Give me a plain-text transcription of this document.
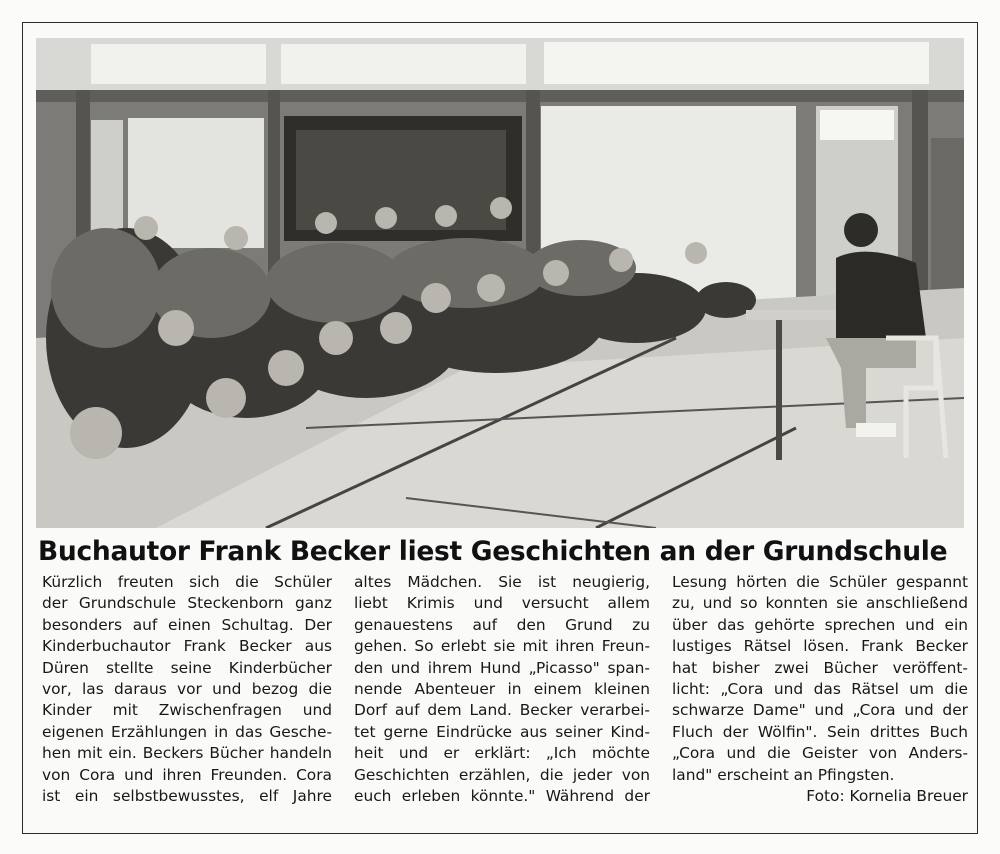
Buchautor Frank Becker liest Geschichten an der Grundschule
Kürzlich freuten sich die Schüler
der Grundschule Steckenborn ganz
besonders auf einen Schultag. Der
Kinderbuchautor Frank Becker aus
Düren stellte seine Kinderbücher
vor, las daraus vor und bezog die
Kinder mit Zwischenfragen und
eigenen Erzählungen in das Gesche-
hen mit ein. Beckers Bücher handeln
von Cora und ihren Freunden. Cora
ist ein selbstbewusstes, elf Jahre
altes Mädchen. Sie ist neugierig,
liebt Krimis und versucht allem
genauestens auf den Grund zu
gehen. So erlebt sie mit ihren Freun-
den und ihrem Hund „Picasso" span-
nende Abenteuer in einem kleinen
Dorf auf dem Land. Becker verarbei-
tet gerne Eindrücke aus seiner Kind-
heit und er erklärt: „Ich möchte
Geschichten erzählen, die jeder von
euch erleben könnte." Während der
Lesung hörten die Schüler gespannt
zu, und so konnten sie anschließend
über das gehörte sprechen und ein
lustiges Rätsel lösen. Frank Becker
hat bisher zwei Bücher veröffent-
licht: „Cora und das Rätsel um die
schwarze Dame" und „Cora und der
Fluch der Wölfin". Sein drittes Buch
„Cora und die Geister von Anders-
land" erscheint an Pfingsten.
Foto: Kornelia Breuer
